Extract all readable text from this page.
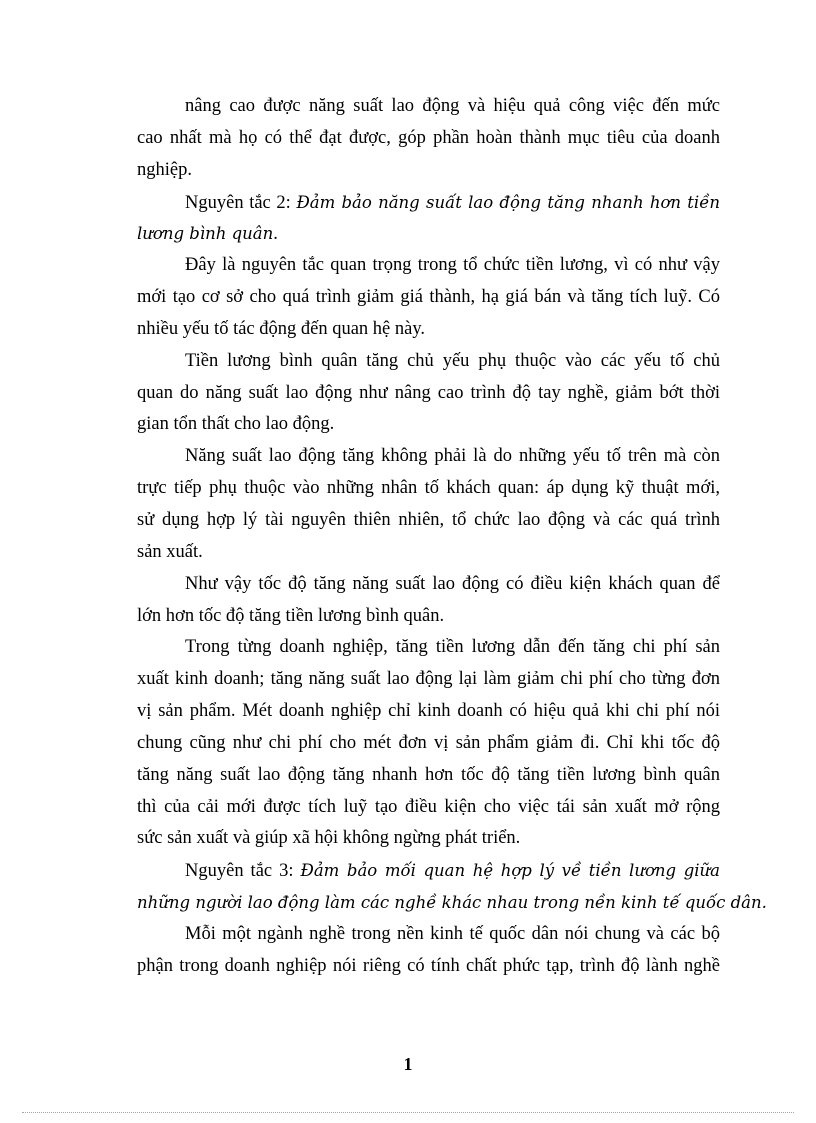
nâng cao được năng suất lao động và hiệu quả công việc đến mức
cao nhất mà họ có thể đạt được, góp phần hoàn thành mục tiêu của doanh
nghiệp.
Nguyên tắc 2: Đảm bảo năng suất lao động tăng nhanh hơn tiền
lương bình quân.
Đây là nguyên tắc quan trọng trong tổ chức tiền lương, vì có như vậy
mới tạo cơ sở cho quá trình giảm giá thành, hạ giá bán và tăng tích luỹ. Có
nhiều yếu tố tác động đến quan hệ này.
Tiền lương bình quân tăng chủ yếu phụ thuộc vào các yếu tố chủ
quan do năng suất lao động như nâng cao trình độ tay nghề, giảm bớt thời
gian tổn thất cho lao động.
Năng suất lao động tăng không phải là do những yếu tố trên mà còn
trực tiếp phụ thuộc vào những nhân tố khách quan: áp dụng kỹ thuật mới,
sử dụng hợp lý tài nguyên thiên nhiên, tổ chức lao động và các quá trình
sản xuất.
Như vậy tốc độ tăng năng suất lao động có điều kiện khách quan để
lớn hơn tốc độ tăng tiền lương bình quân.
Trong từng doanh nghiệp, tăng tiền lương dẫn đến tăng chi phí sản
xuất kinh doanh; tăng năng suất lao động lại làm giảm chi phí cho từng đơn
vị sản phẩm. Mét doanh nghiệp chỉ kinh doanh có hiệu quả khi chi phí nói
chung cũng như chi phí cho mét đơn vị sản phẩm giảm đi. Chỉ khi tốc độ
tăng năng suất lao động tăng nhanh hơn tốc độ tăng tiền lương bình quân
thì của cải mới được tích luỹ tạo điều kiện cho việc tái sản xuất mở rộng
sức sản xuất và giúp xã hội không ngừng phát triển.
Nguyên tắc 3: Đảm bảo mối quan hệ hợp lý về tiền lương giữa
những người lao động làm các nghề khác nhau trong nền kinh tế quốc dân.
Mỗi một ngành nghề trong nền kinh tế quốc dân nói chung và các bộ
phận trong doanh nghiệp nói riêng có tính chất phức tạp, trình độ lành nghề
1
